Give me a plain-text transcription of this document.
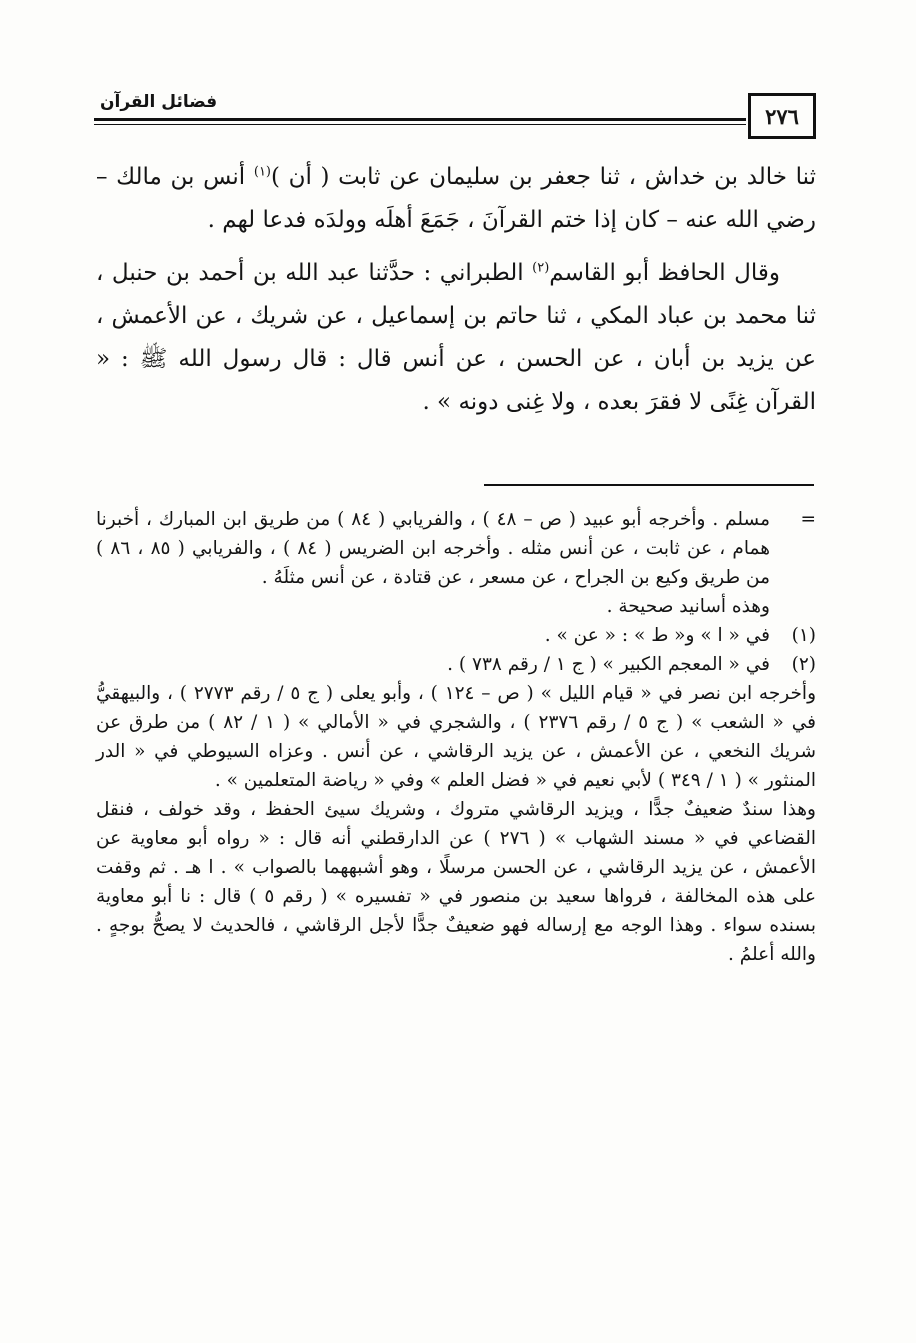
٢٧٦
فضائل القرآن

ثنا خالد بن خداش ، ثنا جعفر بن سليمان عن ثابت ( أن )$^{(١)}$ أنس بن مالك – رضي الله عنه – كان إذا ختم القرآنَ ، جَمَعَ أهلَه وولدَه فدعا لهم .

وقال الحافظ أبو القاسم$^{(٢)}$ الطبراني : حدَّثنا عبد الله بن أحمد بن حنبل ، ثنا محمد بن عباد المكي ، ثنا حاتم بن إسماعيل ، عن شريك ، عن الأعمش ، عن يزيد بن أبان ، عن الحسن ، عن أنس قال : قال رسول الله ﷺ : « القرآن غِنًى لا فقرَ بعده ، ولا غِنى دونه » .

=

مسلم . وأخرجه أبو عبيد ( ص – ٤٨ ) ، والفريابي ( ٨٤ ) من طريق ابن المبارك ، أخبرنا همام ، عن ثابت ، عن أنس مثله . وأخرجه ابن الضريس ( ٨٤ ) ، والفريابي ( ٨٥ ، ٨٦ ) من طريق وكيع بن الجراح ، عن مسعر ، عن قتادة ، عن أنس مثلَهُ .

وهذه أسانيد صحيحة .

(١)

في « ا » و« ط » : « عن » .

(٢)

في « المعجم الكبير » ( ج ١ / رقم ٧٣٨ ) .

وأخرجه ابن نصر في « قيام الليل » ( ص – ١٢٤ ) ، وأبو يعلى ( ج ٥ / رقم ٢٧٧٣ ) ، والبيهقيُّ في « الشعب » ( ج ٥ / رقم ٢٣٧٦ ) ، والشجري في « الأمالي » ( ١ / ٨٢ ) من طرق عن شريك النخعي ، عن الأعمش ، عن يزيد الرقاشي ، عن أنس . وعزاه السيوطي في « الدر المنثور » ( ١ / ٣٤٩ ) لأبي نعيم في « فضل العلم » وفي « رياضة المتعلمين » .

وهذا سندٌ ضعيفٌ جدًّا ، ويزيد الرقاشي متروك ، وشريك سيئ الحفظ ، وقد خولف ، فنقل القضاعي في « مسند الشهاب » ( ٢٧٦ ) عن الدارقطني أنه قال : « رواه أبو معاوية عن الأعمش ، عن يزيد الرقاشي ، عن الحسن مرسلًا ، وهو أشبههما بالصواب » . ا هـ . ثم وقفت على هذه المخالفة ، فرواها سعيد بن منصور في « تفسيره » ( رقم ٥ ) قال : نا أبو معاوية بسنده سواء . وهذا الوجه مع إرساله فهو ضعيفٌ جدًّا لأجل الرقاشي ، فالحديث لا يصحُّ بوجهٍ . والله أعلمُ .
